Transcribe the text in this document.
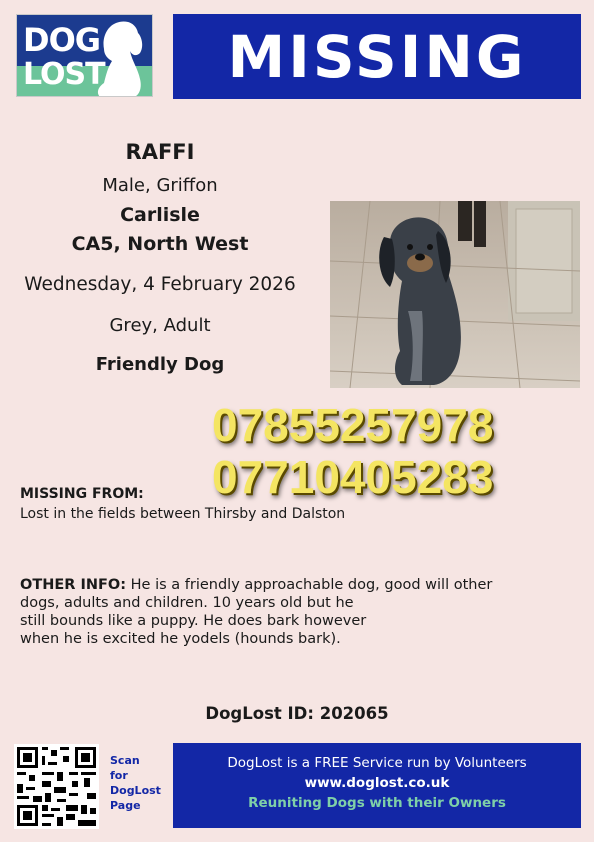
DOG
LOST MISSING
RAFFI
Male, Griffon
Carlisle
CA5, North West
Wednesday, 4 February 2026
Grey, Adult
Friendly Dog
07855257978
07710405283
MISSING FROM:
Lost in the fields between Thirsby and Dalston
OTHER INFO: He is a friendly approachable dog, good will other
dogs, adults and children. 10 years old but he
still bounds like a puppy. He does bark however
when he is excited he yodels (hounds bark).
DogLost ID: 202065
Scan
for
DogLost
Page
DogLost is a FREE Service run by Volunteers
www.doglost.co.uk
Reuniting Dogs with their Owners
